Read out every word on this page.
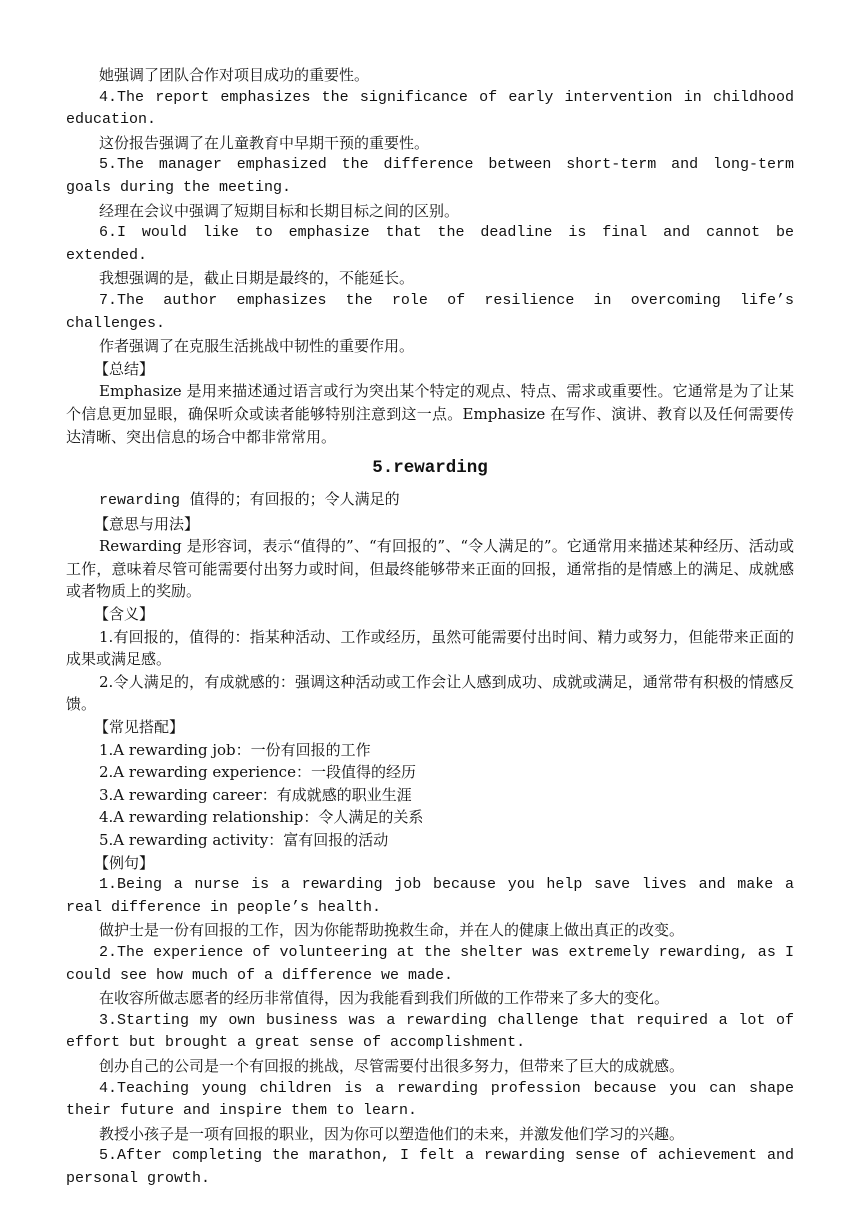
她强调了团队合作对项目成功的重要性。

4.The report emphasizes the significance of early intervention in childhood education.

这份报告强调了在儿童教育中早期干预的重要性。

5.The manager emphasized the difference between short-term and long-term goals during the meeting.

经理在会议中强调了短期目标和长期目标之间的区别。

6.I would like to emphasize that the deadline is final and cannot be extended.

我想强调的是，截止日期是最终的，不能延长。

7.The author emphasizes the role of resilience in overcoming life’s challenges.

作者强调了在克服生活挑战中韧性的重要作用。

【总结】

Emphasize 是用来描述通过语言或行为突出某个特定的观点、特点、需求或重要性。它通常是为了让某个信息更加显眼，确保听众或读者能够特别注意到这一点。Emphasize 在写作、演讲、教育以及任何需要传达清晰、突出信息的场合中都非常常用。

5.rewarding

rewarding 值得的；有回报的；令人满足的

【意思与用法】

Rewarding 是形容词，表示“值得的”、“有回报的”、“令人满足的”。它通常用来描述某种经历、活动或工作，意味着尽管可能需要付出努力或时间，但最终能够带来正面的回报，通常指的是情感上的满足、成就感或者物质上的奖励。

【含义】

1.有回报的，值得的：指某种活动、工作或经历，虽然可能需要付出时间、精力或努力，但能带来正面的成果或满足感。

2.令人满足的，有成就感的：强调这种活动或工作会让人感到成功、成就或满足，通常带有积极的情感反馈。

【常见搭配】

1.A rewarding job：一份有回报的工作

2.A rewarding experience：一段值得的经历

3.A rewarding career：有成就感的职业生涯

4.A rewarding relationship：令人满足的关系

5.A rewarding activity：富有回报的活动

【例句】

1.Being a nurse is a rewarding job because you help save lives and make a real difference in people’s health.

做护士是一份有回报的工作，因为你能帮助挽救生命，并在人的健康上做出真正的改变。

2.The experience of volunteering at the shelter was extremely rewarding, as I could see how much of a difference we made.

在收容所做志愿者的经历非常值得，因为我能看到我们所做的工作带来了多大的变化。

3.Starting my own business was a rewarding challenge that required a lot of effort but brought a great sense of accomplishment.

创办自己的公司是一个有回报的挑战，尽管需要付出很多努力，但带来了巨大的成就感。

4.Teaching young children is a rewarding profession because you can shape their future and inspire them to learn.

教授小孩子是一项有回报的职业，因为你可以塑造他们的未来，并激发他们学习的兴趣。

5.After completing the marathon, I felt a rewarding sense of achievement and personal growth.
